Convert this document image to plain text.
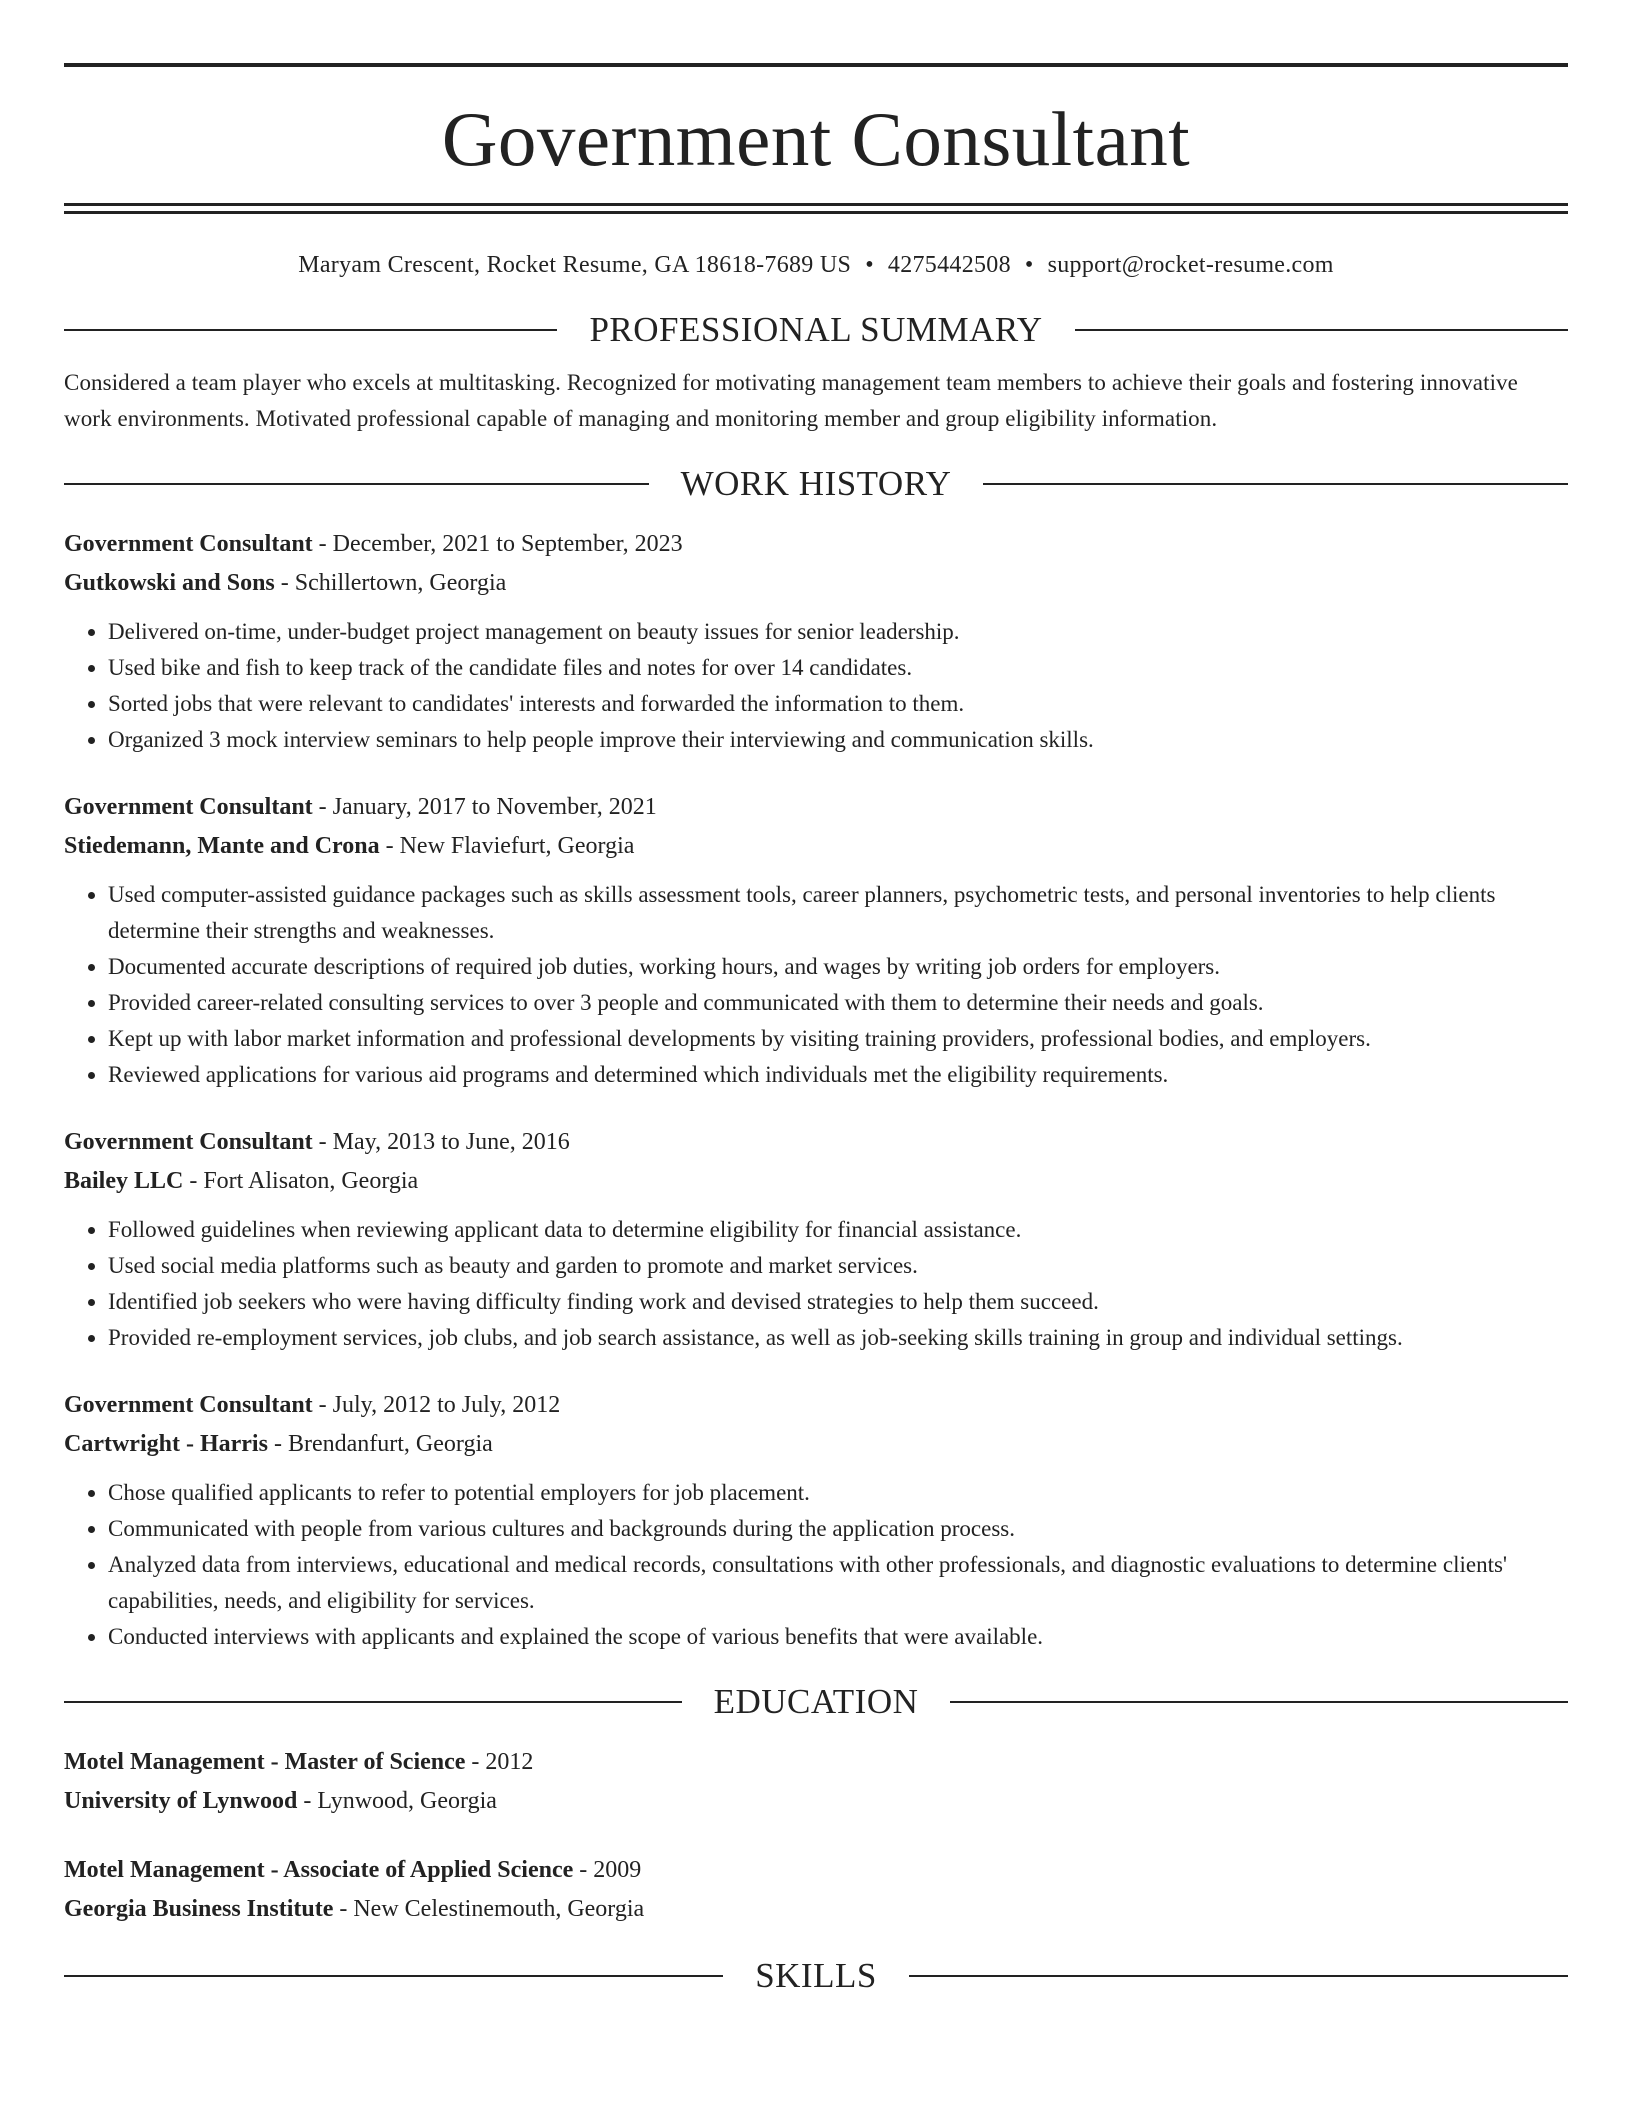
Government Consultant
Maryam Crescent, Rocket Resume, GA 18618-7689 US • 4275442508 • support@rocket-resume.com
PROFESSIONAL SUMMARY
Considered a team player who excels at multitasking. Recognized for motivating management team members to achieve their goals and fostering innovative work environments. Motivated professional capable of managing and monitoring member and group eligibility information.
WORK HISTORY
Government Consultant - December, 2021 to September, 2023
Gutkowski and Sons - Schillertown, Georgia
• Delivered on-time, under-budget project management on beauty issues for senior leadership.
• Used bike and fish to keep track of the candidate files and notes for over 14 candidates.
• Sorted jobs that were relevant to candidates' interests and forwarded the information to them.
• Organized 3 mock interview seminars to help people improve their interviewing and communication skills.
Government Consultant - January, 2017 to November, 2021
Stiedemann, Mante and Crona - New Flaviefurt, Georgia
• Used computer-assisted guidance packages such as skills assessment tools, career planners, psychometric tests, and personal inventories to help clients determine their strengths and weaknesses.
• Documented accurate descriptions of required job duties, working hours, and wages by writing job orders for employers.
• Provided career-related consulting services to over 3 people and communicated with them to determine their needs and goals.
• Kept up with labor market information and professional developments by visiting training providers, professional bodies, and employers.
• Reviewed applications for various aid programs and determined which individuals met the eligibility requirements.
Government Consultant - May, 2013 to June, 2016
Bailey LLC - Fort Alisaton, Georgia
• Followed guidelines when reviewing applicant data to determine eligibility for financial assistance.
• Used social media platforms such as beauty and garden to promote and market services.
• Identified job seekers who were having difficulty finding work and devised strategies to help them succeed.
• Provided re-employment services, job clubs, and job search assistance, as well as job-seeking skills training in group and individual settings.
Government Consultant - July, 2012 to July, 2012
Cartwright - Harris - Brendanfurt, Georgia
• Chose qualified applicants to refer to potential employers for job placement.
• Communicated with people from various cultures and backgrounds during the application process.
• Analyzed data from interviews, educational and medical records, consultations with other professionals, and diagnostic evaluations to determine clients' capabilities, needs, and eligibility for services.
• Conducted interviews with applicants and explained the scope of various benefits that were available.
EDUCATION
Motel Management - Master of Science - 2012
University of Lynwood - Lynwood, Georgia
Motel Management - Associate of Applied Science - 2009
Georgia Business Institute - New Celestinemouth, Georgia
SKILLS
